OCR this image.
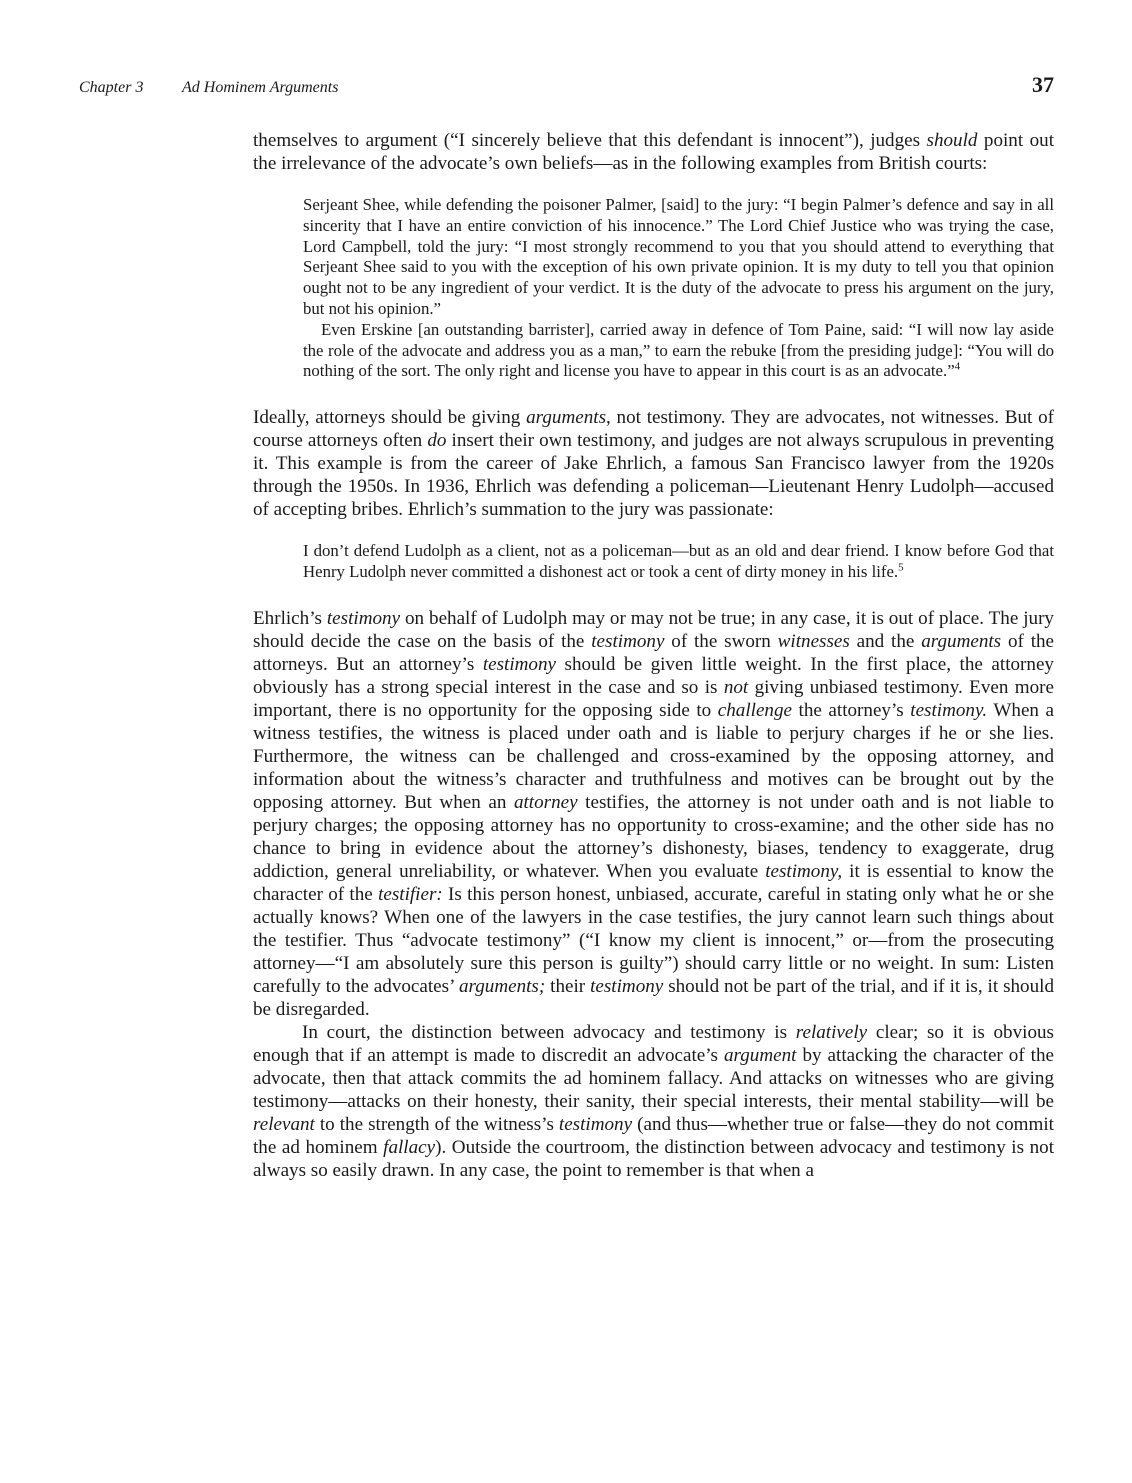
Chapter 3 Ad Hominem Arguments	37

themselves to argument (“I sincerely believe that this defendant is innocent”), judges should point out the irrelevance of the advocate’s own beliefs—as in the following examples from British courts:

Serjeant Shee, while defending the poisoner Palmer, [said] to the jury: “I begin Palmer’s defence and say in all sincerity that I have an entire conviction of his innocence.” The Lord Chief Justice who was trying the case, Lord Campbell, told the jury: “I most strongly recommend to you that you should attend to everything that Serjeant Shee said to you with the exception of his own private opinion. It is my duty to tell you that opinion ought not to be any ingredient of your verdict. It is the duty of the advocate to press his argument on the jury, but not his opinion.”

Even Erskine [an outstanding barrister], carried away in defence of Tom Paine, said: “I will now lay aside the role of the advocate and address you as a man,” to earn the rebuke [from the presiding judge]: “You will do nothing of the sort. The only right and license you have to appear in this court is as an advocate.”$^4$

Ideally, attorneys should be giving arguments, not testimony. They are advocates, not witnesses. But of course attorneys often do insert their own testimony, and judges are not always scrupulous in preventing it. This example is from the career of Jake Ehrlich, a famous San Francisco lawyer from the 1920s through the 1950s. In 1936, Ehrlich was defending a policeman—Lieutenant Henry Ludolph—accused of accepting bribes. Ehrlich’s summation to the jury was passionate:

I don’t defend Ludolph as a client, not as a policeman—but as an old and dear friend. I know before God that Henry Ludolph never committed a dishonest act or took a cent of dirty money in his life.$^5$

Ehrlich’s testimony on behalf of Ludolph may or may not be true; in any case, it is out of place. The jury should decide the case on the basis of the testimony of the sworn witnesses and the arguments of the attorneys. But an attorney’s testimony should be given little weight. In the first place, the attorney obviously has a strong special interest in the case and so is not giving unbiased testimony. Even more important, there is no opportunity for the opposing side to challenge the attorney’s testimony. When a witness testifies, the witness is placed under oath and is liable to perjury charges if he or she lies. Furthermore, the witness can be challenged and cross-examined by the opposing attorney, and information about the witness’s character and truthfulness and motives can be brought out by the opposing attorney. But when an attorney testifies, the attorney is not under oath and is not liable to perjury charges; the opposing attorney has no opportunity to cross-examine; and the other side has no chance to bring in evidence about the attorney’s dishonesty, biases, tendency to exaggerate, drug addiction, general unreliability, or whatever. When you evaluate testimony, it is essential to know the character of the testifier: Is this person honest, unbiased, accurate, careful in stating only what he or she actually knows? When one of the lawyers in the case testifies, the jury cannot learn such things about the testifier. Thus “advocate testimony” (“I know my client is innocent,” or—from the prosecuting attorney—“I am absolutely sure this person is guilty”) should carry little or no weight. In sum: Listen carefully to the advocates’ arguments; their testimony should not be part of the trial, and if it is, it should be disregarded.

In court, the distinction between advocacy and testimony is relatively clear; so it is obvious enough that if an attempt is made to discredit an advocate’s argument by attacking the character of the advocate, then that attack commits the ad hominem fallacy. And attacks on witnesses who are giving testimony—attacks on their honesty, their sanity, their special interests, their mental stability—will be relevant to the strength of the witness’s testimony (and thus—whether true or false—they do not commit the ad hominem fallacy). Outside the courtroom, the distinction between advocacy and testimony is not always so easily drawn. In any case, the point to remember is that when a
